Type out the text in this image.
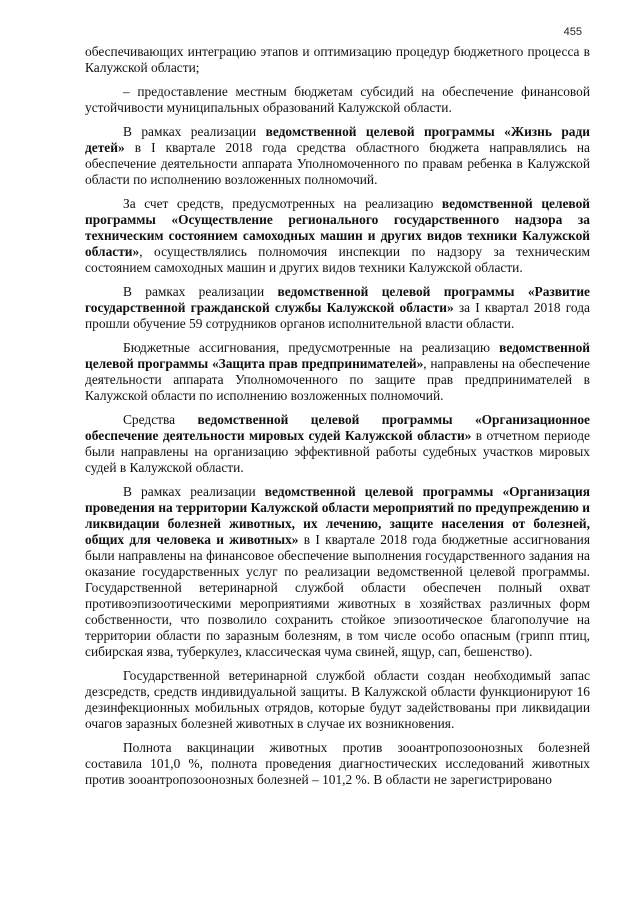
455

обеспечивающих интеграцию этапов и оптимизацию процедур бюджетного процесса в Калужской области;

– предоставление местным бюджетам субсидий на обеспечение финансовой устойчивости муниципальных образований Калужской области.

В рамках реализации ведомственной целевой программы «Жизнь ради детей» в I квартале 2018 года средства областного бюджета направлялись на обеспечение деятельности аппарата Уполномоченного по правам ребенка в Калужской области по исполнению возложенных полномочий.

За счет средств, предусмотренных на реализацию ведомственной целевой программы «Осуществление регионального государственного надзора за техническим состоянием самоходных машин и других видов техники Калужской области», осуществлялись полномочия инспекции по надзору за техническим состоянием самоходных машин и других видов техники Калужской области.

В рамках реализации ведомственной целевой программы «Развитие государственной гражданской службы Калужской области» за I квартал 2018 года прошли обучение 59 сотрудников органов исполнительной власти области.

Бюджетные ассигнования, предусмотренные на реализацию ведомственной целевой программы «Защита прав предпринимателей», направлены на обеспечение деятельности аппарата Уполномоченного по защите прав предпринимателей в Калужской области по исполнению возложенных полномочий.

Средства ведомственной целевой программы «Организационное обеспечение деятельности мировых судей Калужской области» в отчетном периоде были направлены на организацию эффективной работы судебных участков мировых судей в Калужской области.

В рамках реализации ведомственной целевой программы «Организация проведения на территории Калужской области мероприятий по предупреждению и ликвидации болезней животных, их лечению, защите населения от болезней, общих для человека и животных» в I квартале 2018 года бюджетные ассигнования были направлены на финансовое обеспечение выполнения государственного задания на оказание государственных услуг по реализации ведомственной целевой программы. Государственной ветеринарной службой области обеспечен полный охват противоэпизоотическими мероприятиями животных в хозяйствах различных форм собственности, что позволило сохранить стойкое эпизоотическое благополучие на территории области по заразным болезням, в том числе особо опасным (грипп птиц, сибирская язва, туберкулез, классическая чума свиней, ящур, сап, бешенство).

Государственной ветеринарной службой области создан необходимый запас дезсредств, средств индивидуальной защиты. В Калужской области функционируют 16 дезинфекционных мобильных отрядов, которые будут задействованы при ликвидации очагов заразных болезней животных в случае их возникновения.

Полнота вакцинации животных против зооантропозоонозных болезней составила 101,0 %, полнота проведения диагностических исследований животных против зооантропозоонозных болезней – 101,2 %. В области не зарегистрировано
